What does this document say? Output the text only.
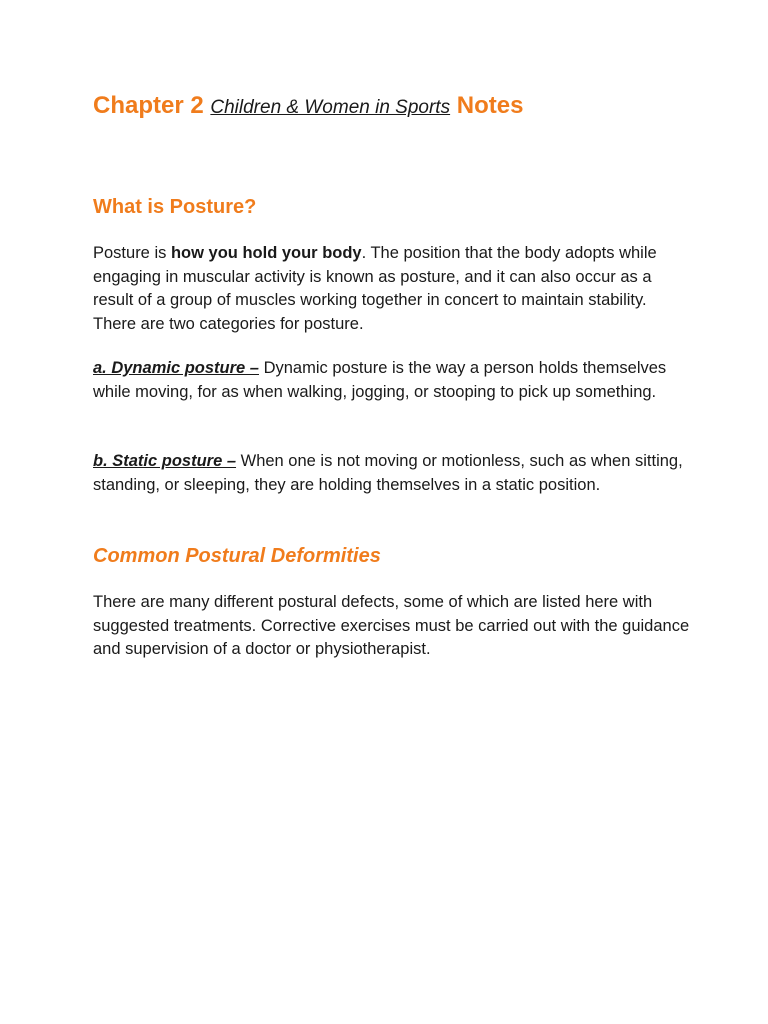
Chapter 2 Children & Women in Sports Notes
What is Posture?
Posture is how you hold your body. The position that the body adopts while engaging in muscular activity is known as posture, and it can also occur as a result of a group of muscles working together in concert to maintain stability. There are two categories for posture.
a. Dynamic posture – Dynamic posture is the way a person holds themselves while moving, for as when walking, jogging, or stooping to pick up something.
b. Static posture – When one is not moving or motionless, such as when sitting, standing, or sleeping, they are holding themselves in a static position.
Common Postural Deformities
There are many different postural defects, some of which are listed here with suggested treatments. Corrective exercises must be carried out with the guidance and supervision of a doctor or physiotherapist.
